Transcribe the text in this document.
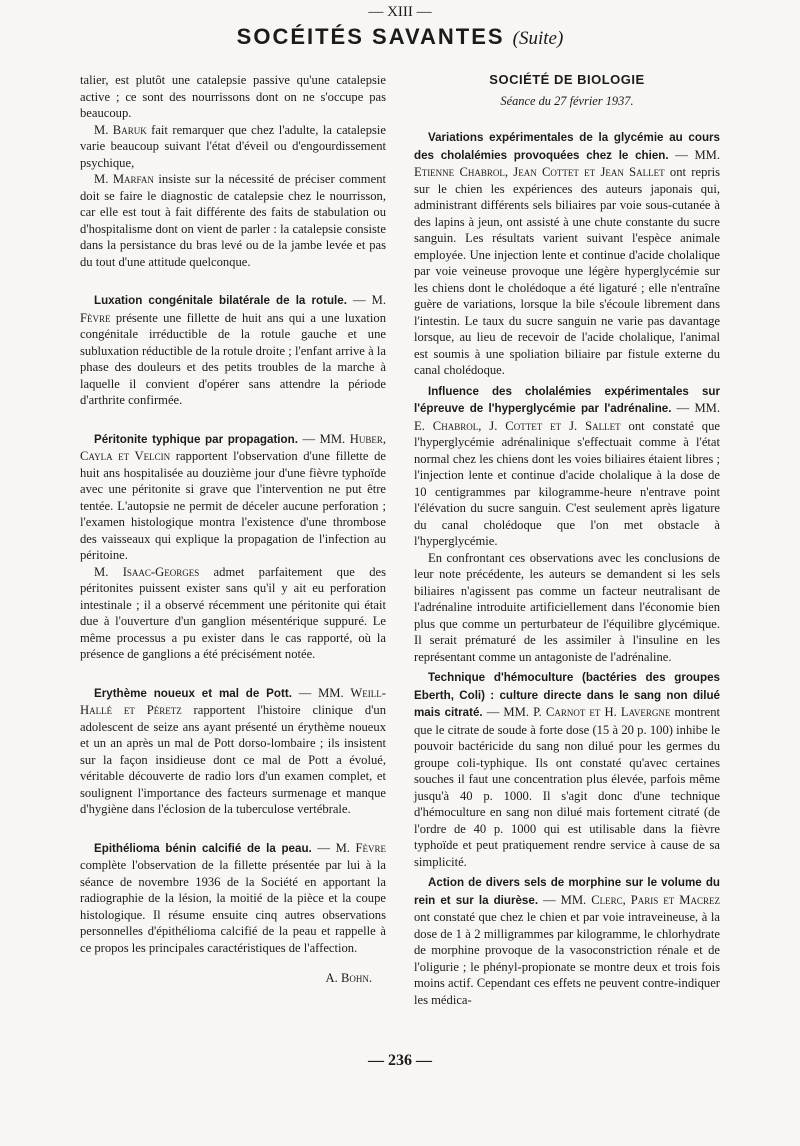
— XIII —
SOCÉITÉS SAVANTES (Suite)

talier, est plutôt une catalepsie passive qu'une catalepsie active ; ce sont des nourrissons dont on ne s'occupe pas beaucoup.

M. Baruk fait remarquer que chez l'adulte, la catalepsie varie beaucoup suivant l'état d'éveil ou d'engourdissement psychique,

M. Marfan insiste sur la nécessité de préciser comment doit se faire le diagnostic de catalepsie chez le nourrisson, car elle est tout à fait différente des faits de stabulation ou d'hospitalisme dont on vient de parler : la catalepsie consiste dans la persistance du bras levé ou de la jambe levée et pas du tout d'une attitude quelconque.

Luxation congénitale bilatérale de la rotule. — M. Fèvre présente une fillette de huit ans qui a une luxation congénitale irréductible de la rotule gauche et une subluxation réductible de la rotule droite ; l'enfant arrive à la phase des douleurs et des petits troubles de la marche à laquelle il convient d'opérer sans attendre la période d'arthrite confirmée.

Péritonite typhique par propagation. — MM. Huber, Cayla et Velcin rapportent l'observation d'une fillette de huit ans hospitalisée au douzième jour d'une fièvre typhoïde avec une péritonite si grave que l'intervention ne put être tentée. L'autopsie ne permit de déceler aucune perforation ; l'examen histologique montra l'existence d'une thrombose des vaisseaux qui explique la propagation de l'infection au péritoine.

M. Isaac-Georges admet parfaitement que des péritonites puissent exister sans qu'il y ait eu perforation intestinale ; il a observé récemment une péritonite qui était due à l'ouverture d'un ganglion mésentérique suppuré. Le même processus a pu exister dans le cas rapporté, où la présence de ganglions a été précisément notée.

Erythème noueux et mal de Pott. — MM. Weill-Hallé et Péretz rapportent l'histoire clinique d'un adolescent de seize ans ayant présenté un érythème noueux et un an après un mal de Pott dorso-lombaire ; ils insistent sur la façon insidieuse dont ce mal de Pott a évolué, véritable découverte de radio lors d'un examen complet, et soulignent l'importance des facteurs surmenage et manque d'hygiène dans l'éclosion de la tuberculose vertébrale.

Epithélioma bénin calcifié de la peau. — M. Fèvre complète l'observation de la fillette présentée par lui à la séance de novembre 1936 de la Société en apportant la radiographie de la lésion, la moitié de la pièce et la coupe histologique. Il résume ensuite cinq autres observations personnelles d'épithélioma calcifié de la peau et rappelle à ce propos les principales caractéristiques de l'affection.

A. Bohn.
SOCIÉTÉ DE BIOLOGIE
Séance du 27 février 1937.

Variations expérimentales de la glycémie au cours des cholalémies provoquées chez le chien. — MM. Etienne Chabrol, Jean Cottet et Jean Sallet ont repris sur le chien les expériences des auteurs japonais qui, administrant différents sels biliaires par voie sous-cutanée à des lapins à jeun, ont assisté à une chute constante du sucre sanguin. Les résultats varient suivant l'espèce animale employée. Une injection lente et continue d'acide cholalique par voie veineuse provoque une légère hyperglycémie sur les chiens dont le cholédoque a été ligaturé ; elle n'entraîne guère de variations, lorsque la bile s'écoule librement dans l'intestin. Le taux du sucre sanguin ne varie pas davantage lorsque, au lieu de recevoir de l'acide cholalique, l'animal est soumis à une spoliation biliaire par fistule externe du canal cholédoque.

Influence des cholalémies expérimentales sur l'épreuve de l'hyperglycémie par l'adrénaline. — MM. E. Chabrol, J. Cottet et J. Sallet ont constaté que l'hyperglycémie adrénalinique s'effectuait comme à l'état normal chez les chiens dont les voies biliaires étaient libres ; l'injection lente et continue d'acide cholalique à la dose de 10 centigrammes par kilogramme-heure n'entrave point l'élévation du sucre sanguin. C'est seulement après ligature du canal cholédoque que l'on met obstacle à l'hyperglycémie.

En confrontant ces observations avec les conclusions de leur note précédente, les auteurs se demandent si les sels biliaires n'agissent pas comme un facteur neutralisant de l'adrénaline introduite artificiellement dans l'économie bien plus que comme un perturbateur de l'équilibre glycémique. Il serait prématuré de les assimiler à l'insuline en les représentant comme un antagoniste de l'adrénaline.

Technique d'hémoculture (bactéries des groupes Eberth, Coli) : culture directe dans le sang non dilué mais citraté. — MM. P. Carnot et H. Lavergne montrent que le citrate de soude à forte dose (15 à 20 p. 100) inhibe le pouvoir bactéricide du sang non dilué pour les germes du groupe coli-typhique. Ils ont constaté qu'avec certaines souches il faut une concentration plus élevée, parfois même jusqu'à 40 p. 1000. Il s'agit donc d'une technique d'hémoculture en sang non dilué mais fortement citraté (de l'ordre de 40 p. 1000 qui est utilisable dans la fièvre typhoïde et peut pratiquement rendre service à cause de sa simplicité.

Action de divers sels de morphine sur le volume du rein et sur la diurèse. — MM. Clerc, Paris et Macrez ont constaté que chez le chien et par voie intraveineuse, à la dose de 1 à 2 milligrammes par kilogramme, le chlorhydrate de morphine provoque de la vasoconstriction rénale et de l'oligurie ; le phényl-propionate se montre deux et trois fois moins actif. Cependant ces effets ne peuvent contre-indiquer les médica-

— 236 —
